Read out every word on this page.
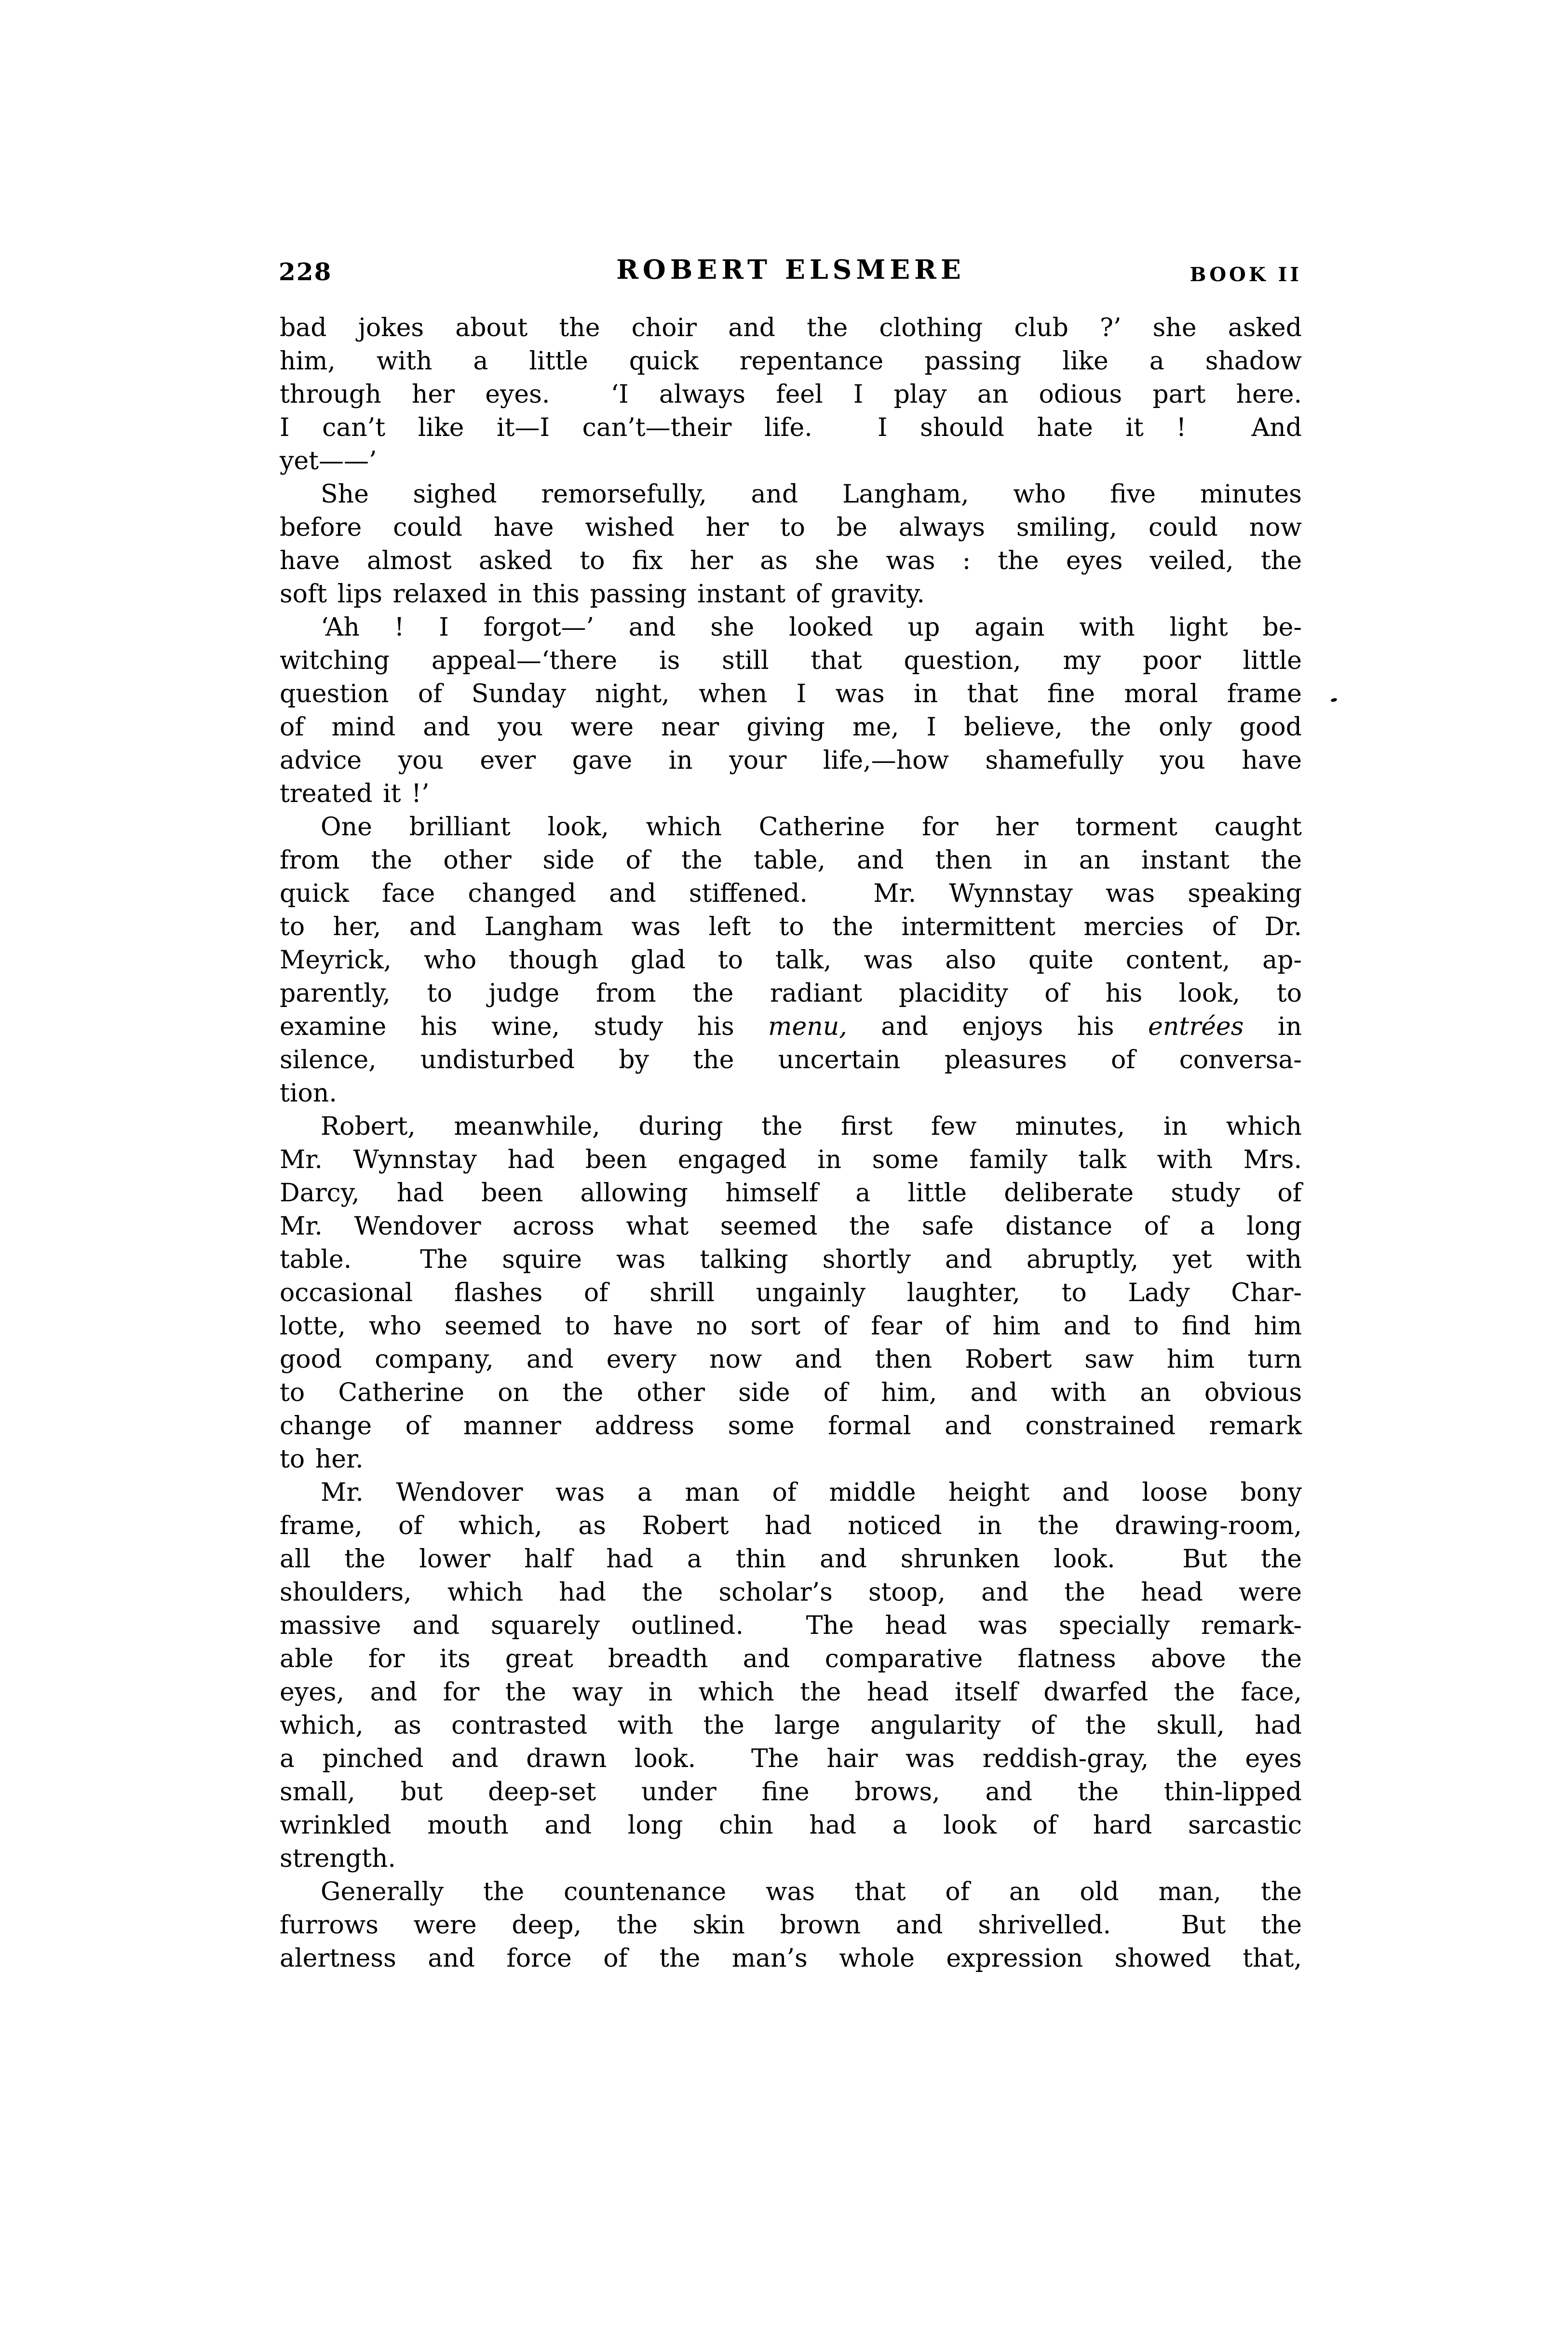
228	ROBERT ELSMERE	BOOK II
bad jokes about the choir and the clothing club ?’ she asked
him, with a little quick repentance passing like a shadow
through her eyes.  ‘I always feel I play an odious part here.
I can’t like it—I can’t—their life.  I should hate it !  And
yet——’
She sighed remorsefully, and Langham, who five minutes
before could have wished her to be always smiling, could now
have almost asked to fix her as she was : the eyes veiled, the
soft lips relaxed in this passing instant of gravity.
‘Ah ! I forgot—’ and she looked up again with light be-
witching appeal—‘there is still that question, my poor little
question of Sunday night, when I was in that fine moral frame
of mind and you were near giving me, I believe, the only good
advice you ever gave in your life,—how shamefully you have
treated it !’
One brilliant look, which Catherine for her torment caught
from the other side of the table, and then in an instant the
quick face changed and stiffened.  Mr. Wynnstay was speaking
to her, and Langham was left to the intermittent mercies of Dr.
Meyrick, who though glad to talk, was also quite content, ap-
parently, to judge from the radiant placidity of his look, to
examine his wine, study his menu, and enjoys his entrées in
silence, undisturbed by the uncertain pleasures of conversa-
tion.
Robert, meanwhile, during the first few minutes, in which
Mr. Wynnstay had been engaged in some family talk with Mrs.
Darcy, had been allowing himself a little deliberate study of
Mr. Wendover across what seemed the safe distance of a long
table.  The squire was talking shortly and abruptly, yet with
occasional flashes of shrill ungainly laughter, to Lady Char-
lotte, who seemed to have no sort of fear of him and to find him
good company, and every now and then Robert saw him turn
to Catherine on the other side of him, and with an obvious
change of manner address some formal and constrained remark
to her.
Mr. Wendover was a man of middle height and loose bony
frame, of which, as Robert had noticed in the drawing-room,
all the lower half had a thin and shrunken look.  But the
shoulders, which had the scholar’s stoop, and the head were
massive and squarely outlined.  The head was specially remark-
able for its great breadth and comparative flatness above the
eyes, and for the way in which the head itself dwarfed the face,
which, as contrasted with the large angularity of the skull, had
a pinched and drawn look.  The hair was reddish-gray, the eyes
small, but deep-set under fine brows, and the thin-lipped
wrinkled mouth and long chin had a look of hard sarcastic
strength.
Generally the countenance was that of an old man, the
furrows were deep, the skin brown and shrivelled.  But the
alertness and force of the man’s whole expression showed that,
